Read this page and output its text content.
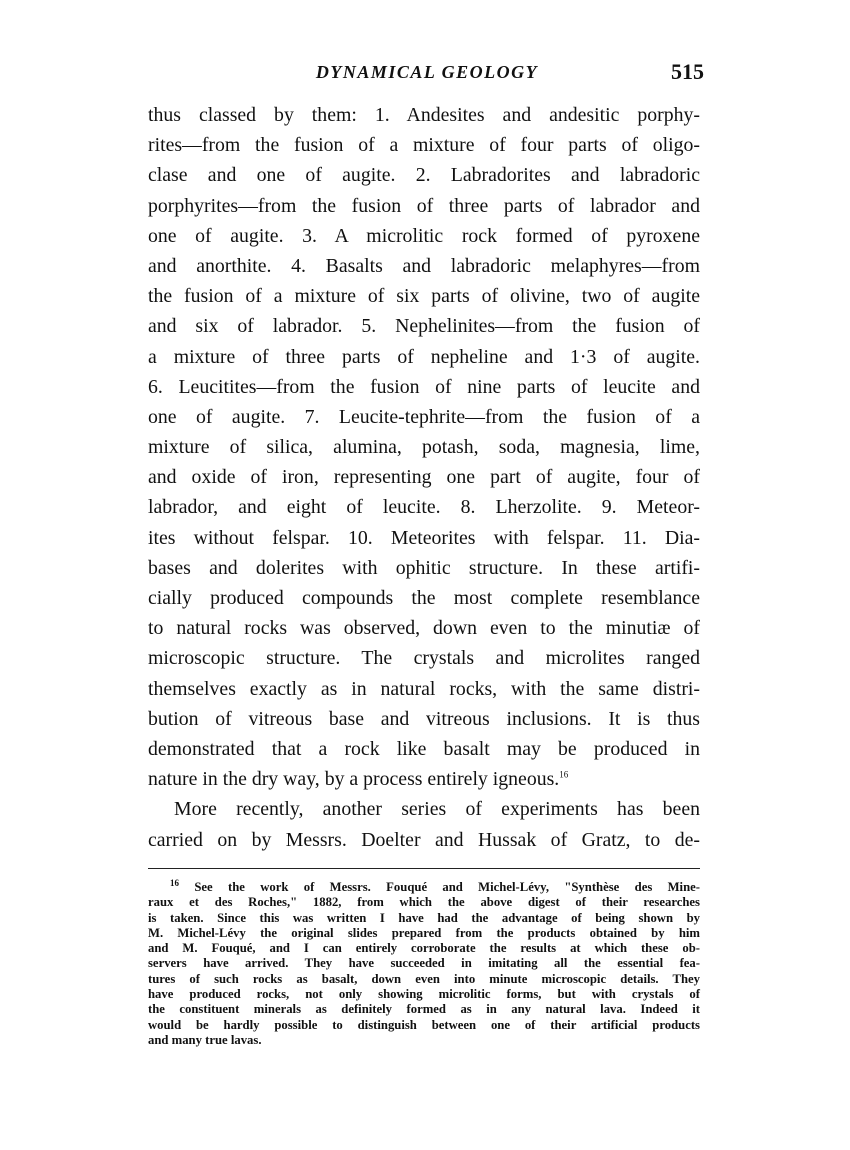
DYNAMICAL GEOLOGY	515
thus classed by them: 1. Andesites and andesitic porphy-
rites—from the fusion of a mixture of four parts of oligo-
clase and one of augite. 2. Labradorites and labradoric
porphyrites—from the fusion of three parts of labrador and
one of augite. 3. A microlitic rock formed of pyroxene
and anorthite. 4. Basalts and labradoric melaphyres—from
the fusion of a mixture of six parts of olivine, two of augite
and six of labrador. 5. Nephelinites—from the fusion of
a mixture of three parts of nepheline and 1·3 of augite.
6. Leucitites—from the fusion of nine parts of leucite and
one of augite. 7. Leucite-tephrite—from the fusion of a
mixture of silica, alumina, potash, soda, magnesia, lime,
and oxide of iron, representing one part of augite, four of
labrador, and eight of leucite. 8. Lherzolite. 9. Meteor-
ites without felspar. 10. Meteorites with felspar. 11. Dia-
bases and dolerites with ophitic structure. In these artifi-
cially produced compounds the most complete resemblance
to natural rocks was observed, down even to the minutiæ of
microscopic structure. The crystals and microlites ranged
themselves exactly as in natural rocks, with the same distri-
bution of vitreous base and vitreous inclusions. It is thus
demonstrated that a rock like basalt may be produced in
nature in the dry way, by a process entirely igneous.$^{16}$
More recently, another series of experiments has been
carried on by Messrs. Doelter and Hussak of Gratz, to de-
$^{16}$ See the work of Messrs. Fouqué and Michel-Lévy, "Synthèse des Mine-
raux et des Roches," 1882, from which the above digest of their researches
is taken. Since this was written I have had the advantage of being shown by
M. Michel-Lévy the original slides prepared from the products obtained by him
and M. Fouqué, and I can entirely corroborate the results at which these ob-
servers have arrived. They have succeeded in imitating all the essential fea-
tures of such rocks as basalt, down even into minute microscopic details. They
have produced rocks, not only showing microlitic forms, but with crystals of
the constituent minerals as definitely formed as in any natural lava. Indeed it
would be hardly possible to distinguish between one of their artificial products
and many true lavas.
